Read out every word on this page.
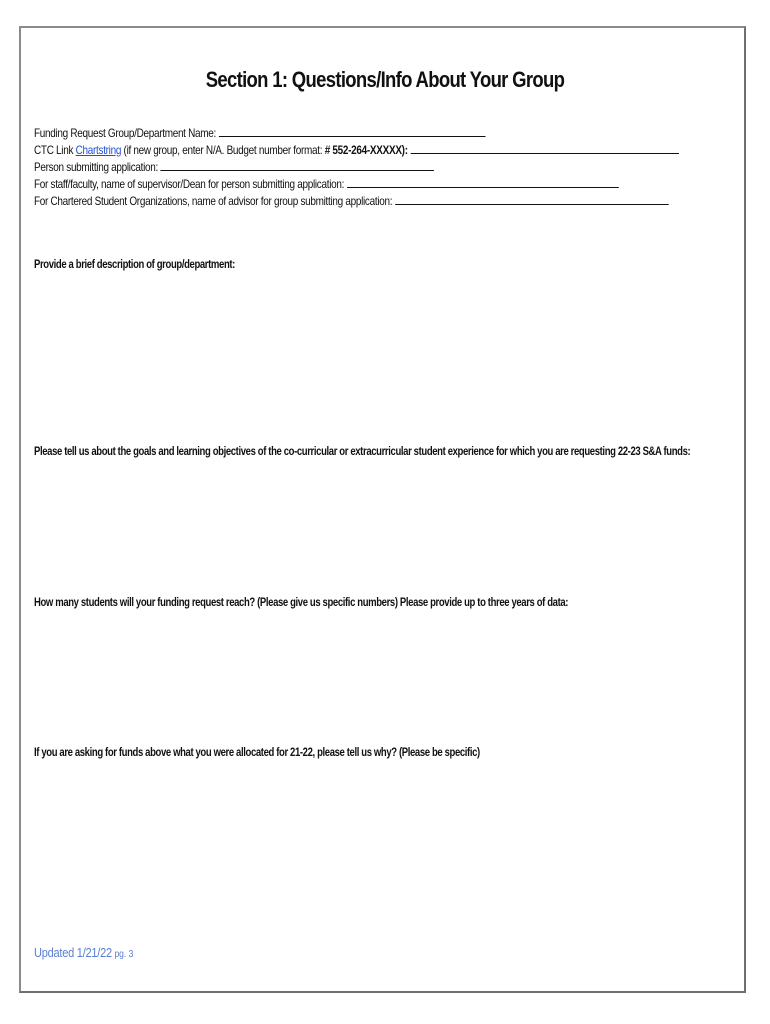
Section 1: Questions/Info About Your Group
Funding Request Group/Department Name:
CTC Link Chartstring (if new group, enter N/A. Budget number format: # 552-264-XXXXX):
Person submitting application:
For staff/faculty, name of supervisor/Dean for person submitting application:
For Chartered Student Organizations, name of advisor for group submitting application:
Provide a brief description of group/department:
Please tell us about the goals and learning objectives of the co-curricular or extracurricular student experience for which you are requesting 22-23 S&A funds:
How many students will your funding request reach? (Please give us specific numbers) Please provide up to three years of data:
If you are asking for funds above what you were allocated for 21-22, please tell us why? (Please be specific)
Updated 1/21/22 pg. 3
